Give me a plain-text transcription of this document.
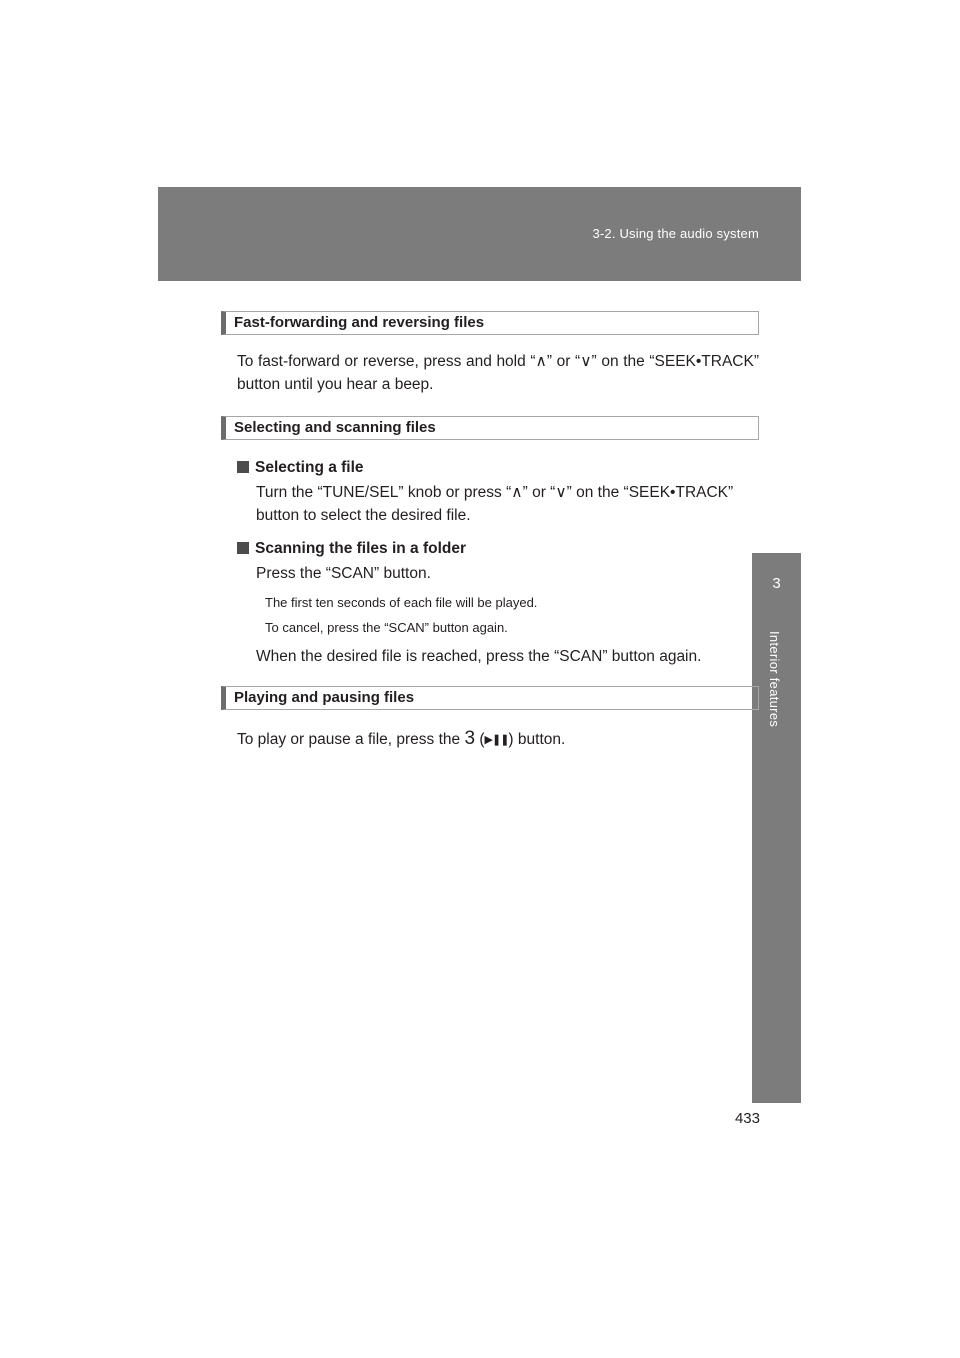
3-2. Using the audio system
3
Interior features
Fast-forwarding and reversing files

To fast-forward or reverse, press and hold “∧” or “∨” on the “SEEK•TRACK” button until you hear a beep.

Selecting and scanning files
Selecting a file

Turn the “TUNE/SEL” knob or press “∧” or “∨” on the “SEEK•TRACK” button to select the desired file.

Scanning the files in a folder

Press the “SCAN” button.

The first ten seconds of each file will be played.

To cancel, press the “SCAN” button again.

When the desired file is reached, press the “SCAN” button again.

Playing and pausing files

To play or pause a file, press the 3 (▶❚❚) button.

433
